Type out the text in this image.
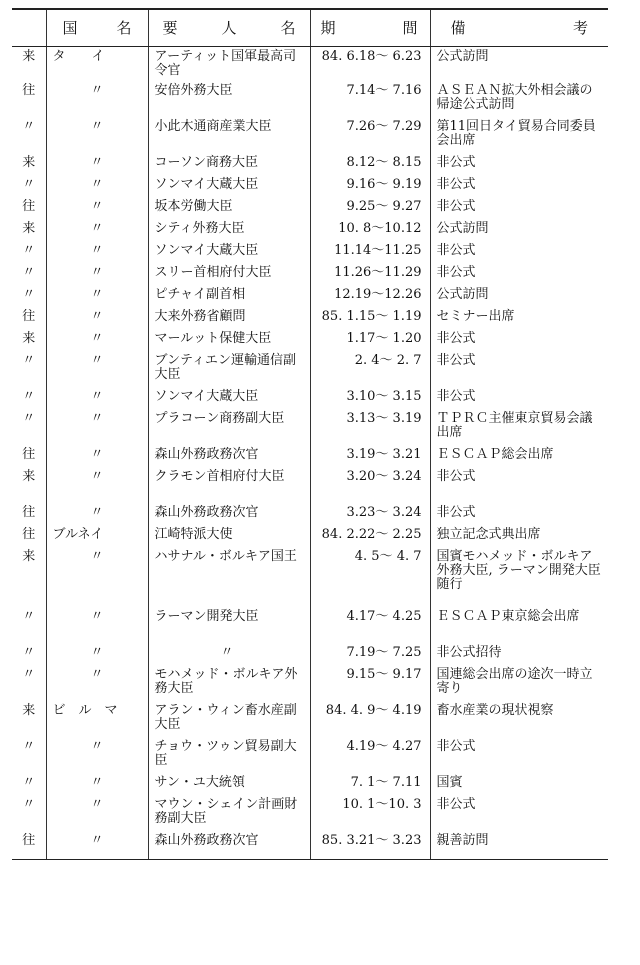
	国 名	要 人 名	期 間	備 考

来	タ　　イ	アーティット国軍最高司令官	84. 6.18～ 6.23	公式訪問
往	〃	安倍外務大臣	7.14～ 7.16	ＡＳＥＡＮ拡大外相会議の帰途公式訪問
〃	〃	小此木通商産業大臣	7.26～ 7.29	第11回日タイ貿易合同委員会出席
来	〃	コーソン商務大臣	8.12～ 8.15	非公式
〃	〃	ソンマイ大蔵大臣	9.16～ 9.19	非公式
往	〃	坂本労働大臣	9.25～ 9.27	非公式
来	〃	シティ外務大臣	10. 8～10.12	公式訪問
〃	〃	ソンマイ大蔵大臣	11.14～11.25	非公式
〃	〃	スリー首相府付大臣	11.26～11.29	非公式
〃	〃	ピチャイ副首相	12.19～12.26	公式訪問
往	〃	大来外務省顧問	85. 1.15～ 1.19	セミナー出席
来	〃	マールット保健大臣	1.17～ 1.20	非公式
〃	〃	ブンティエン運輸通信副大臣	2. 4～ 2. 7	非公式
〃	〃	ソンマイ大蔵大臣	3.10～ 3.15	非公式
〃	〃	プラコーン商務副大臣	3.13～ 3.19	ＴＰＲＣ主催東京貿易会議出席
往	〃	森山外務政務次官	3.19～ 3.21	ＥＳＣＡＰ総会出席
来	〃	クラモン首相府付大臣	3.20～ 3.24	非公式
往	〃	森山外務政務次官	3.23～ 3.24	非公式
往	ブルネイ	江崎特派大使	84. 2.22～ 2.25	独立記念式典出席
来	〃	ハサナル・ボルキア国王	4. 5～ 4. 7	国賓モハメッド・ボルキア外務大臣, ラーマン開発大臣随行
〃	〃	ラーマン開発大臣	4.17～ 4.25	ＥＳＣＡＰ東京総会出席
〃	〃	〃	7.19～ 7.25	非公式招待
〃	〃	モハメッド・ボルキア外務大臣	9.15～ 9.17	国連総会出席の途次一時立寄り
来	ビ　ル　マ	アラン・ウィン畜水産副大臣	84. 4. 9～ 4.19	畜水産業の現状視察
〃	〃	チョウ・ツゥン貿易副大臣	4.19～ 4.27	非公式
〃	〃	サン・ユ大統領	7. 1～ 7.11	国賓
〃	〃	マウン・シェイン計画財務副大臣	10. 1～10. 3	非公式
往	〃	森山外務政務次官	85. 3.21～ 3.23	親善訪問
